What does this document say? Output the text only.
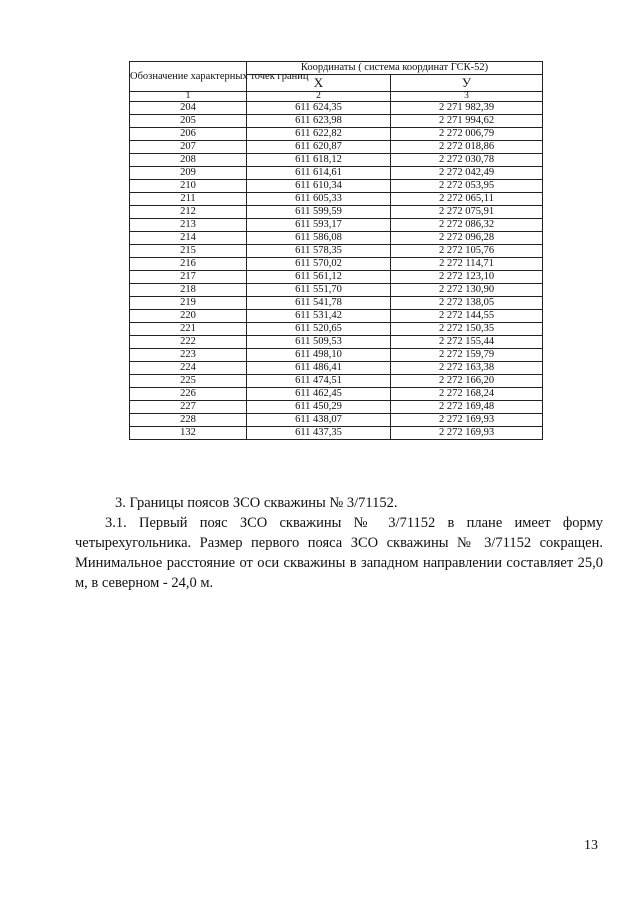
Обозначение характерных точек границ	Координаты ( система координат ГСК-52)	
	X	У
1	2	3
204	611 624,35	2 271 982,39
205	611 623,98	2 271 994,62
206	611 622,82	2 272 006,79
207	611 620,87	2 272 018,86
208	611 618,12	2 272 030,78
209	611 614,61	2 272 042,49
210	611 610,34	2 272 053,95
211	611 605,33	2 272 065,11
212	611 599,59	2 272 075,91
213	611 593,17	2 272 086,32
214	611 586,08	2 272 096,28
215	611 578,35	2 272 105,76
216	611 570,02	2 272 114,71
217	611 561,12	2 272 123,10
218	611 551,70	2 272 130,90
219	611 541,78	2 272 138,05
220	611 531,42	2 272 144,55
221	611 520,65	2 272 150,35
222	611 509,53	2 272 155,44
223	611 498,10	2 272 159,79
224	611 486,41	2 272 163,38
225	611 474,51	2 272 166,20
226	611 462,45	2 272 168,24
227	611 450,29	2 272 169,48
228	611 438,07	2 272 169,93
132	611 437,35	2 272 169,93
3. Границы поясов ЗСО скважины № 3/71152.
3.1. Первый пояс ЗСО скважины № 3/71152 в плане имеет форму четырехугольника. Размер первого пояса ЗСО скважины № 3/71152 сокращен. Минимальное расстояние от оси скважины в западном направлении составляет 25,0 м, в северном - 24,0 м.
13
